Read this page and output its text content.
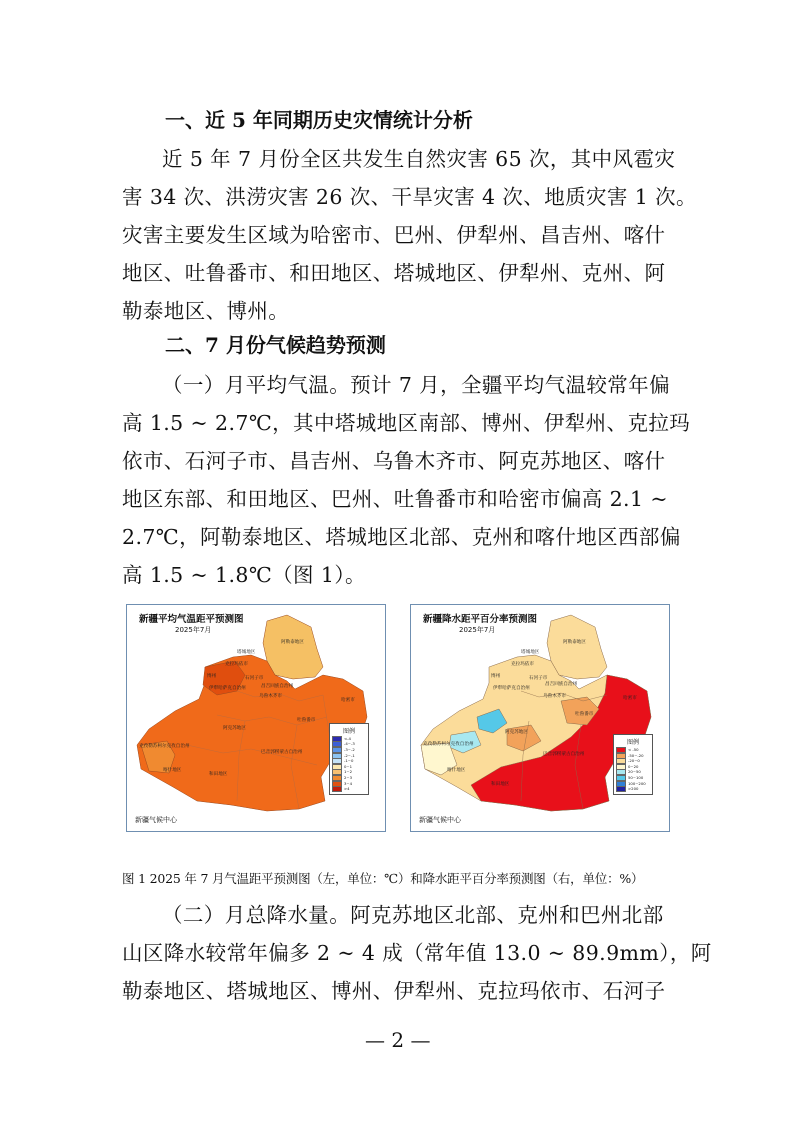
一、近 5 年同期历史灾情统计分析
近 5 年 7 月份全区共发生自然灾害 65 次，其中风雹灾
害 34 次、洪涝灾害 26 次、干旱灾害 4 次、地质灾害 1 次。
灾害主要发生区域为哈密市、巴州、伊犁州、昌吉州、喀什
地区、吐鲁番市、和田地区、塔城地区、伊犁州、克州、阿
勒泰地区、博州。
二、7 月份气候趋势预测
（一）月平均气温。预计 7 月，全疆平均气温较常年偏
高 1.5 ~ 2.7℃，其中塔城地区南部、博州、伊犁州、克拉玛
依市、石河子市、昌吉州、乌鲁木齐市、阿克苏地区、喀什
地区东部、和田地区、巴州、吐鲁番市和哈密市偏高 2.1 ~
2.7℃，阿勒泰地区、塔城地区北部、克州和喀什地区西部偏
高 1.5 ~ 1.8℃（图 1）。
新疆平均气温距平预测图
2025年7月
阿勒泰地区
塔城地区
克拉玛依市
博州	石河子市
伊犁哈萨克自治州	昌吉回族自治州
乌鲁木齐市
吐鲁番市
哈密市
阿克苏地区
巴音郭楞蒙古自治州
克孜勒苏柯尔克孜自治州
喀什地区
和田地区
图例
<-4
-4~-3
-3~-2
-2~-1
-1~0
0~1
1~2
2~3
3~4
>4
新疆气候中心
新疆降水距平百分率预测图
2025年7月
阿勒泰地区
塔城地区
克拉玛依市
博州	石河子市
伊犁哈萨克自治州
昌吉回族自治州
乌鲁木齐市
吐鲁番市
哈密市
阿克苏地区
巴音郭楞蒙古自治州
克孜勒苏柯尔克孜自治州
喀什地区
和田地区
图例
< -50
-50~-20
-20~0
0~20
20~50
50~100
100~200
>200
新疆气候中心
图 1 2025 年 7 月气温距平预测图（左，单位：℃）和降水距平百分率预测图（右，单位：%）
（二）月总降水量。阿克苏地区北部、克州和巴州北部
山区降水较常年偏多 2 ~ 4 成（常年值 13.0 ~ 89.9mm），阿
勒泰地区、塔城地区、博州、伊犁州、克拉玛依市、石河子
— 2 —
